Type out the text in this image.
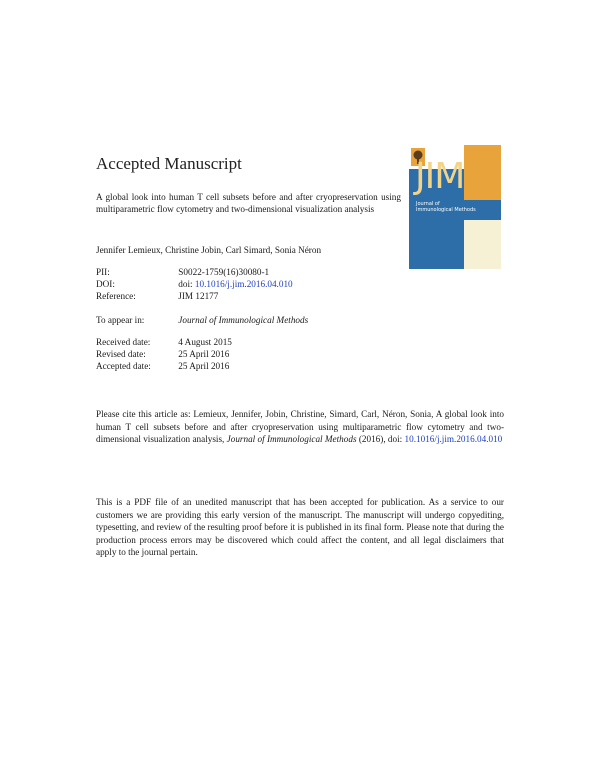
Accepted Manuscript
A global look into human T cell subsets before and after cryopreservation using multiparametric flow cytometry and two-dimensional visualization analysis
Jennifer Lemieux, Christine Jobin, Carl Simard, Sonia Néron
PII:	S0022-1759(16)30080-1
DOI:	doi: 10.1016/j.jim.2016.04.010
Reference:	JIM 12177
To appear in:	Journal of Immunological Methods
Received date:	4 August 2015
Revised date:	25 April 2016
Accepted date:	25 April 2016
Please cite this article as: Lemieux, Jennifer, Jobin, Christine, Simard, Carl, Néron, Sonia, A global look into human T cell subsets before and after cryopreservation using multiparametric flow cytometry and two-dimensional visualization analysis, Journal of Immunological Methods (2016), doi: 10.1016/j.jim.2016.04.010
This is a PDF file of an unedited manuscript that has been accepted for publication. As a service to our customers we are providing this early version of the manuscript. The manuscript will undergo copyediting, typesetting, and review of the resulting proof before it is published in its final form. Please note that during the production process errors may be discovered which could affect the content, and all legal disclaimers that apply to the journal pertain.
JIM
Journal of
Immunological Methods
